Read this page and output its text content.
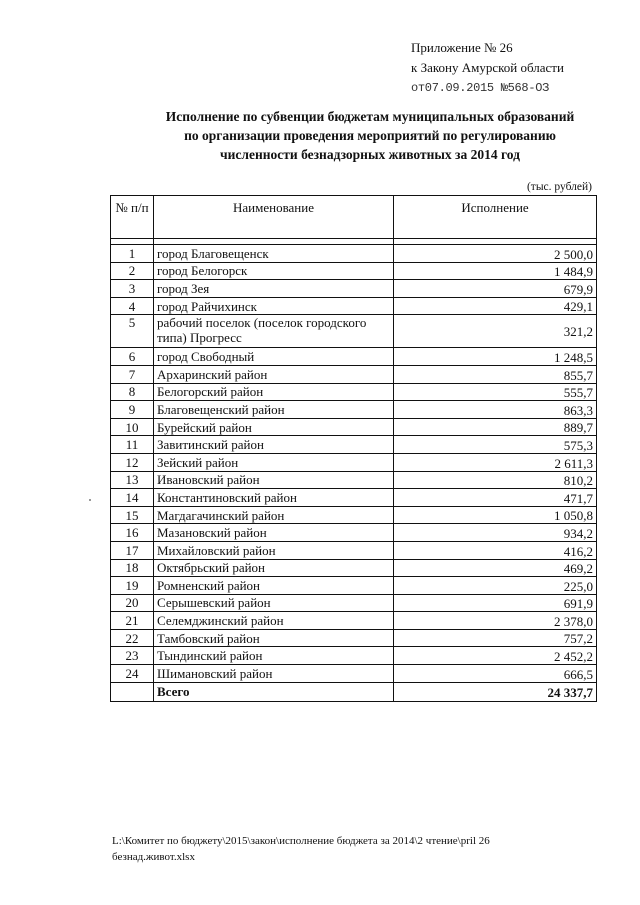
Приложение № 26
к Закону Амурской области
от07.09.2015 №568-ОЗ
Исполнение по субвенции бюджетам муниципальных образований
по организации проведения мероприятий по регулированию
численности безнадзорных животных за 2014 год
(тыс. рублей)
№ п/п	Наименование	Исполнение

1	город Благовещенск	2 500,0
2	город Белогорск	1 484,9
3	город Зея	679,9
4	город Райчихинск	429,1
5	рабочий поселок (поселок городского типа) Прогресс	321,2
6	город Свободный	1 248,5
7	Архаринский район	855,7
8	Белогорский район	555,7
9	Благовещенский район	863,3
10	Бурейский район	889,7
11	Завитинский район	575,3
12	Зейский район	2 611,3
13	Ивановский район	810,2
14	Константиновский район	471,7
15	Магдагачинский район	1 050,8
16	Мазановский район	934,2
17	Михайловский район	416,2
18	Октябрьский район	469,2
19	Ромненский район	225,0
20	Серышевский район	691,9
21	Селемджинский район	2 378,0
22	Тамбовский район	757,2
23	Тындинский район	2 452,2
24	Шимановский район	666,5
	Всего	24 337,7
L:\Комитет по бюджету\2015\закон\исполнение бюджета за 2014\2 чтение\pril 26
безнад.живот.xlsx
